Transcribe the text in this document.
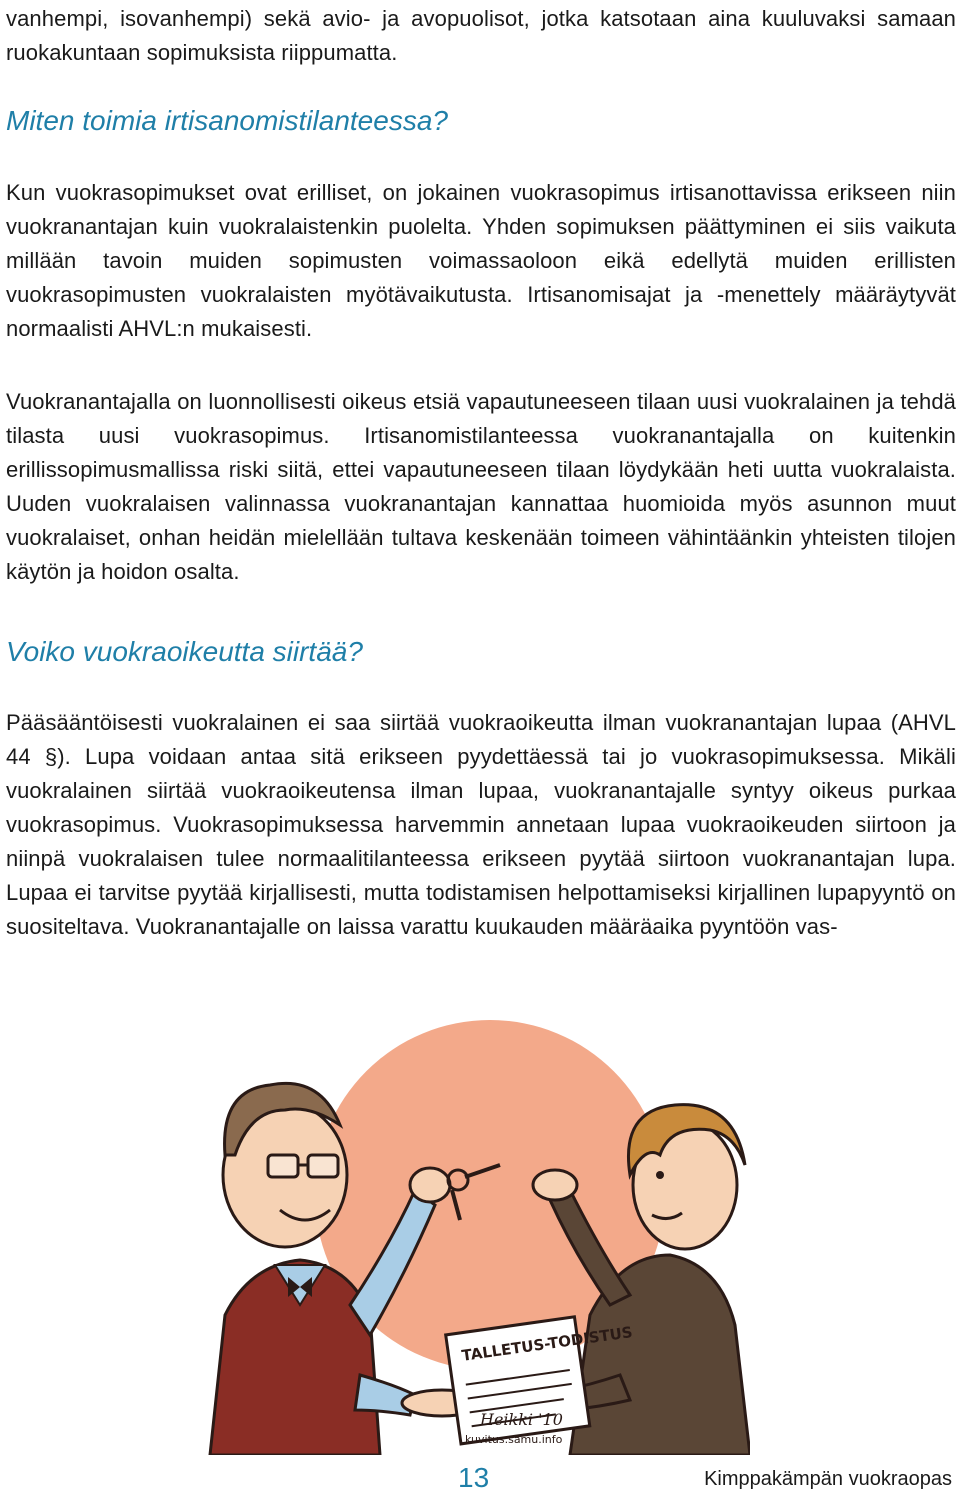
vanhempi, isovanhempi) sekä avio- ja avopuolisot, jotka katsotaan aina kuuluvaksi samaan ruokakuntaan sopimuksista riippumatta.

Miten toimia irtisanomistilanteessa?

Kun vuokrasopimukset ovat erilliset, on jokainen vuokrasopimus irtisanottavissa erikseen niin vuokranantajan kuin vuokralaistenkin puolelta. Yhden sopimuksen päättyminen ei siis vaikuta millään tavoin muiden sopimusten voimassaoloon eikä edellytä muiden erillisten vuokrasopimusten vuokralaisten myötävaikutusta. Irtisanomisajat ja -menettely määräytyvät normaalisti AHVL:n mukaisesti.

Vuokranantajalla on luonnollisesti oikeus etsiä vapautuneeseen tilaan uusi vuokralainen ja tehdä tilasta uusi vuokrasopimus. Irtisanomistilanteessa vuokranantajalla on kuitenkin erillissopimusmallissa riski siitä, ettei vapautuneeseen tilaan löydykään heti uutta vuokralaista. Uuden vuokralaisen valinnassa vuokranantajan kannattaa huomioida myös asunnon muut vuokralaiset, onhan heidän mielellään tultava keskenään toimeen vähintäänkin yhteisten tilojen käytön ja hoidon osalta.

Voiko vuokraoikeutta siirtää?

Pääsääntöisesti vuokralainen ei saa siirtää vuokraoikeutta ilman vuokranantajan lupaa (AHVL 44 §). Lupa voidaan antaa sitä erikseen pyydettäessä tai jo vuokrasopimuksessa. Mikäli vuokralainen siirtää vuokraoikeutensa ilman lupaa, vuokranantajalle syntyy oikeus purkaa vuokrasopimus. Vuokrasopimuksessa harvemmin annetaan lupaa vuokraoikeuden siirtoon ja niinpä vuokralaisen tulee normaalitilanteessa erikseen pyytää siirtoon vuokranantajan lupa. Lupaa ei tarvitse pyytää kirjallisesti, mutta todistamisen helpottamiseksi kirjallinen lupapyyntö on suositeltava. Vuokranantajalle on laissa varattu kuukauden määräaika pyyntöön vas-

TALLETUS-TODISTUS
Heikki '10
kuvitus.samu.info
13	Kimppakämpän vuokraopas
